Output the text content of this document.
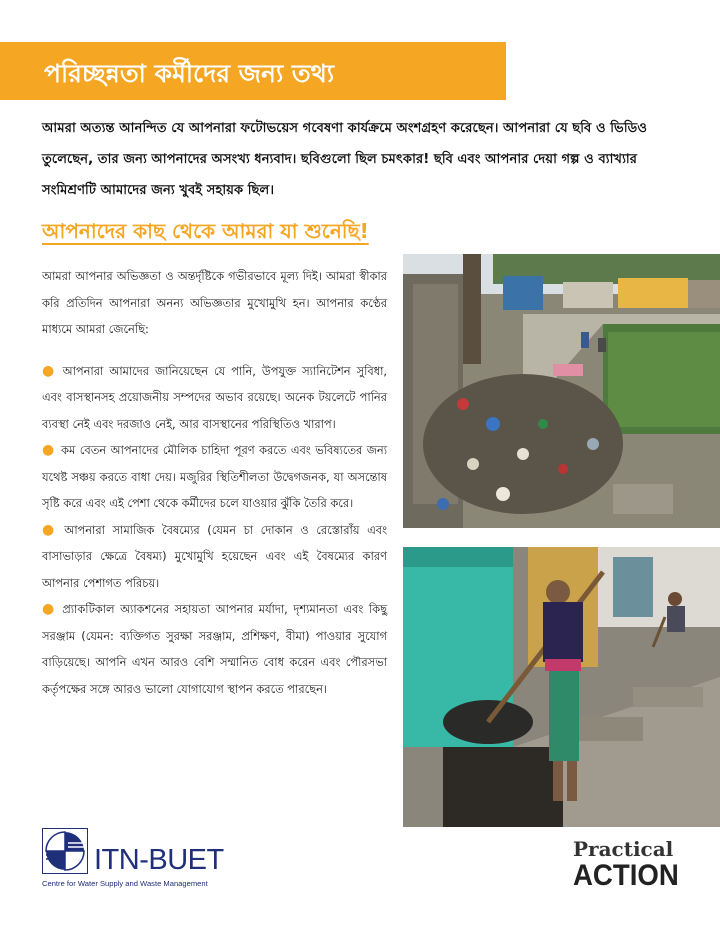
পরিচ্ছন্নতা কর্মীদের জন্য তথ্য

আমরা অত্যন্ত আনন্দিত যে আপনারা ফটোভয়েস গবেষণা কার্যক্রমে অংশগ্রহণ করেছেন। আপনারা যে ছবি ও ভিডিও তুলেছেন, তার জন্য আপনাদের অসংখ্য ধন্যবাদ। ছবিগুলো ছিল চমৎকার! ছবি এবং আপনার দেয়া গল্প ও ব্যাখ্যার সংমিশ্রণটি আমাদের জন্য খুবই সহায়ক ছিল।

আপনাদের কাছ থেকে আমরা যা শুনেছি!

আমরা আপনার অভিজ্ঞতা ও অন্তর্দৃষ্টিকে গভীরভাবে মূল্য দিই। আমরা স্বীকার করি প্রতিদিন আপনারা অনন্য অভিজ্ঞতার মুখোমুখি হন। আপনার কণ্ঠের মাধ্যমে আমরা জেনেছি:

● আপনারা আমাদের জানিয়েছেন যে পানি, উপযুক্ত স্যানিটেশন সুবিধা, এবং বাসস্থানসহ প্রয়োজনীয় সম্পদের অভাব রয়েছে। অনেক টয়লেটে পানির ব্যবস্থা নেই এবং দরজাও নেই, আর বাসস্থানের পরিস্থিতিও খারাপ।
● কম বেতন আপনাদের মৌলিক চাহিদা পূরণ করতে এবং ভবিষ্যতের জন্য যথেষ্ট সঞ্চয় করতে বাধা দেয়। মজুরির স্থিতিশীলতা উদ্বেগজনক, যা অসন্তোষ সৃষ্টি করে এবং এই পেশা থেকে কর্মীদের চলে যাওয়ার ঝুঁকি তৈরি করে।
● আপনারা সামাজিক বৈষম্যের (যেমন চা দোকান ও রেস্তোরাঁয় এবং বাসাভাড়ার ক্ষেত্রে বৈষম্য) মুখোমুখি হয়েছেন এবং এই বৈষম্যের কারণ আপনার পেশাগত পরিচয়।
● প্র্যাকটিকাল অ্যাকশনের সহায়তা আপনার মর্যাদা, দৃশ্যমানতা এবং কিছু সরঞ্জাম (যেমন: ব্যক্তিগত সুরক্ষা সরঞ্জাম, প্রশিক্ষণ, বীমা) পাওয়ার সুযোগ বাড়িয়েছে। আপনি এখন আরও বেশি সম্মানিত বোধ করেন এবং পৌরসভা কর্তৃপক্ষের সঙ্গে আরও ভালো যোগাযোগ স্থাপন করতে পারছেন।
ITN-BUET
Centre for Water Supply and Waste Management
Practical
ACTION
